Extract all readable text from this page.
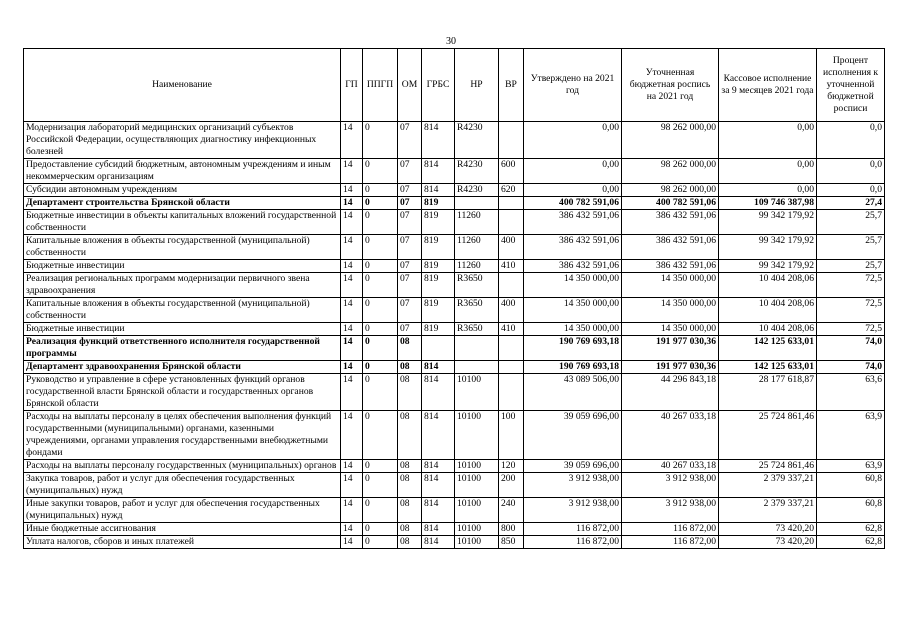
30
Наименование	ГП	ППГП	ОМ	ГРБС	НР	ВР	Утверждено на 2021 год	Уточненная бюджетная роспись на 2021 год	Кассовое исполнение за 9 месяцев 2021 года	Процент исполнения к уточненной бюджетной росписи
Модернизация лабораторий медицинских организаций субъектов Российской Федерации, осуществляющих диагностику инфекционных болезней	14	0	07	814	R4230		0,00	98 262 000,00	0,00	0,0
Предоставление субсидий бюджетным, автономным учреждениям и иным некоммерческим организациям	14	0	07	814	R4230	600	0,00	98 262 000,00	0,00	0,0
Субсидии автономным учреждениям	14	0	07	814	R4230	620	0,00	98 262 000,00	0,00	0,0
Департамент строительства Брянской области	14	0	07	819			400 782 591,06	400 782 591,06	109 746 387,98	27,4
Бюджетные инвестиции в объекты капитальных вложений государственной собственности	14	0	07	819	11260		386 432 591,06	386 432 591,06	99 342 179,92	25,7
Капитальные вложения в объекты государственной (муниципальной) собственности	14	0	07	819	11260	400	386 432 591,06	386 432 591,06	99 342 179,92	25,7
Бюджетные инвестиции	14	0	07	819	11260	410	386 432 591,06	386 432 591,06	99 342 179,92	25,7
Реализация региональных программ модернизации первичного звена здравоохранения	14	0	07	819	R3650		14 350 000,00	14 350 000,00	10 404 208,06	72,5
Капитальные вложения в объекты государственной (муниципальной) собственности	14	0	07	819	R3650	400	14 350 000,00	14 350 000,00	10 404 208,06	72,5
Бюджетные инвестиции	14	0	07	819	R3650	410	14 350 000,00	14 350 000,00	10 404 208,06	72,5
Реализация функций ответственного исполнителя государственной программы	14	0	08				190 769 693,18	191 977 030,36	142 125 633,01	74,0
Департамент здравоохранения Брянской области	14	0	08	814			190 769 693,18	191 977 030,36	142 125 633,01	74,0
Руководство и управление в сфере установленных функций органов государственной власти Брянской области и государственных органов Брянской области	14	0	08	814	10100		43 089 506,00	44 296 843,18	28 177 618,87	63,6
Расходы на выплаты персоналу в целях обеспечения выполнения функций государственными (муниципальными) органами, казенными учреждениями, органами управления государственными внебюджетными фондами	14	0	08	814	10100	100	39 059 696,00	40 267 033,18	25 724 861,46	63,9
Расходы на выплаты персоналу государственных (муниципальных) органов	14	0	08	814	10100	120	39 059 696,00	40 267 033,18	25 724 861,46	63,9
Закупка товаров, работ и услуг для обеспечения государственных (муниципальных) нужд	14	0	08	814	10100	200	3 912 938,00	3 912 938,00	2 379 337,21	60,8
Иные закупки товаров, работ и услуг для обеспечения государственных (муниципальных) нужд	14	0	08	814	10100	240	3 912 938,00	3 912 938,00	2 379 337,21	60,8
Иные бюджетные ассигнования	14	0	08	814	10100	800	116 872,00	116 872,00	73 420,20	62,8
Уплата налогов, сборов и иных платежей	14	0	08	814	10100	850	116 872,00	116 872,00	73 420,20	62,8
